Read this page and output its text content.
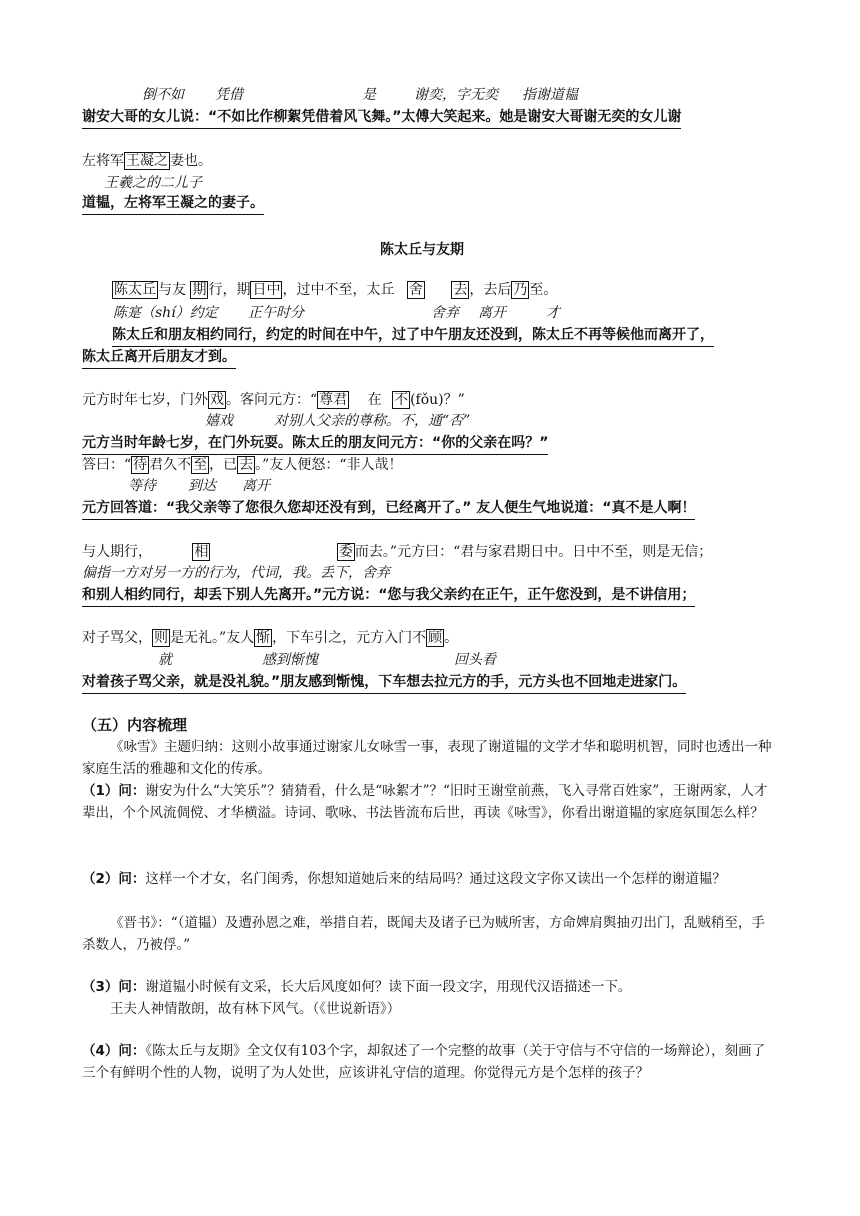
倒不如 凭借	是	谢奕，字无奕 指谢道韫
谢安大哥的女儿说：“不如比作柳絮凭借着风飞舞。”太傅大笑起来。她是谢安大哥谢无奕的女儿谢
左将军 王凝之 妻也。
王羲之的二儿子
道韫，左将军王凝之的妻子。
陈太丘与友期
陈太丘 与友 期 行，期 日中 ，过中不至，太丘 舍 去 ，去后 乃 至。
陈寔（shí）约定 正午时分	舍弃 离开	才
陈太丘和朋友相约同行，约定的时间在中午，过了中午朋友还没到，陈太丘不再等候他而离开了，
陈太丘离开后朋友才到。
元方时年七岁，门外 戏 。客问元方：“ 尊君 在 不 (fǒu)？”
嬉戏	对别人父亲的尊称。不，通“否”
元方当时年龄七岁，在门外玩耍。陈太丘的朋友问元方：“你的父亲在吗？”
答曰：“ 待 君久不 至 ，已 去 。”友人便怒：“非人哉！
等待 到达 离开
元方回答道：“我父亲等了您很久您却还没有到，已经离开了。” 友人便生气地说道：“真不是人啊！
与人期行，	相	委 而去。”元方曰：“君与家君期日中。日中不至，则是无信；
偏指一方对另一方的行为，代词，我。丢下，舍弃
和别人相约同行，却丢下别人先离开。”元方说：“您与我父亲约在正午，正午您没到，是不讲信用；
对子骂父， 则 是无礼。”友人 惭 ，下车引之，元方入门不 顾 。
就	感到惭愧	回头看
对着孩子骂父亲，就是没礼貌。”朋友感到惭愧，下车想去拉元方的手，元方头也不回地走进家门。
（五）内容梳理
《咏雪》主题归纳：这则小故事通过谢家儿女咏雪一事，表现了谢道韫的文学才华和聪明机智，同时也透出一种家庭生活的雅趣和文化的传承。
（1）问：谢安为什么“大笑乐”？猜猜看，什么是“咏絮才”？“旧时王谢堂前燕，飞入寻常百姓家”，王谢两家，人才辈出，个个风流倜傥、才华横溢。诗词、歌咏、书法皆流布后世，再读《咏雪》，你看出谢道韫的家庭氛围怎么样？
（2）问：这样一个才女，名门闺秀，你想知道她后来的结局吗？通过这段文字你又读出一个怎样的谢道韫？
《晋书》：“（道韫）及遭孙恩之难，举措自若，既闻夫及诸子已为贼所害，方命婢肩舆抽刃出门，乱贼稍至，手杀数人，乃被俘。”
（3）问：谢道韫小时候有文采，长大后风度如何？读下面一段文字，用现代汉语描述一下。
王夫人神情散朗，故有林下风气。（《世说新语》）
（4）问：《陈太丘与友期》全文仅有103个字，却叙述了一个完整的故事（关于守信与不守信的一场辩论），刻画了三个有鲜明个性的人物，说明了为人处世，应该讲礼守信的道理。你觉得元方是个怎样的孩子？
